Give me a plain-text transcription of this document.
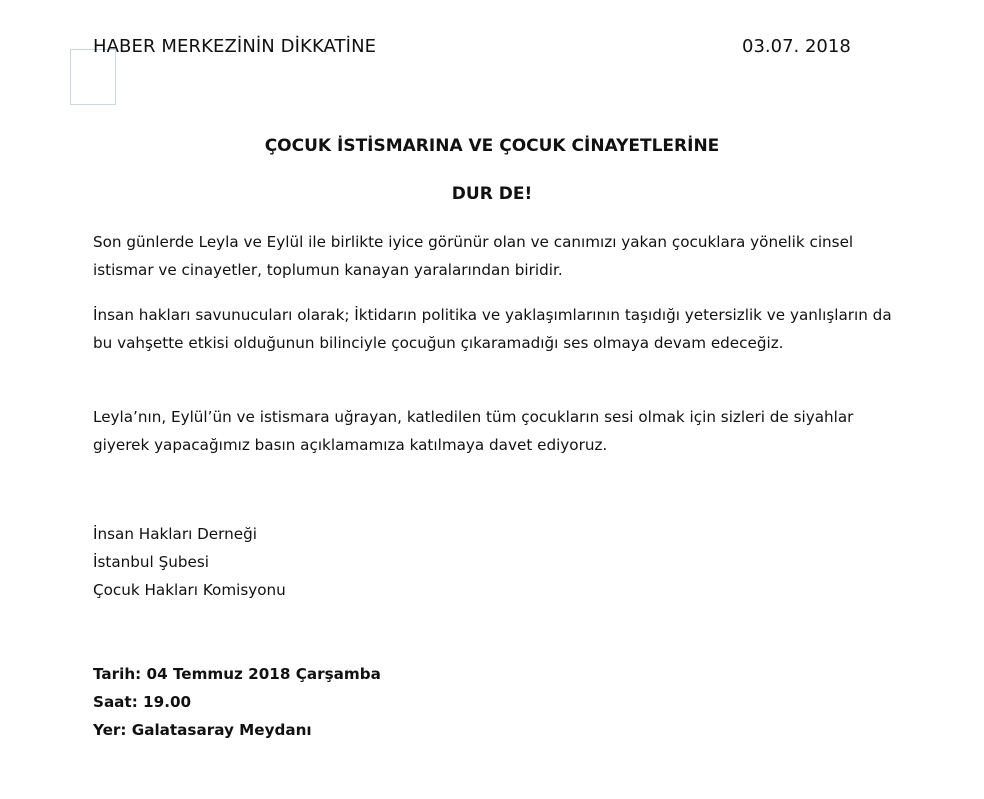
HABER MERKEZİNİN DİKKATİNE	03.07. 2018
ÇOCUK İSTİSMARINA VE ÇOCUK CİNAYETLERİNE
DUR DE!

Son günlerde Leyla ve Eylül ile birlikte iyice görünür olan ve canımızı yakan çocuklara yönelik cinsel istismar ve cinayetler, toplumun kanayan yaralarından biridir.

İnsan hakları savunucuları olarak; İktidarın politika ve yaklaşımlarının taşıdığı yetersizlik ve yanlışların da bu vahşette etkisi olduğunun bilinciyle çocuğun çıkaramadığı ses olmaya devam edeceğiz.

Leyla’nın, Eylül’ün ve istismara uğrayan, katledilen tüm çocukların sesi olmak için sizleri de siyahlar giyerek yapacağımız basın açıklamamıza katılmaya davet ediyoruz.

İnsan Hakları Derneği
İstanbul Şubesi
Çocuk Hakları Komisyonu
Tarih: 04 Temmuz 2018 Çarşamba
Saat: 19.00
Yer: Galatasaray Meydanı
